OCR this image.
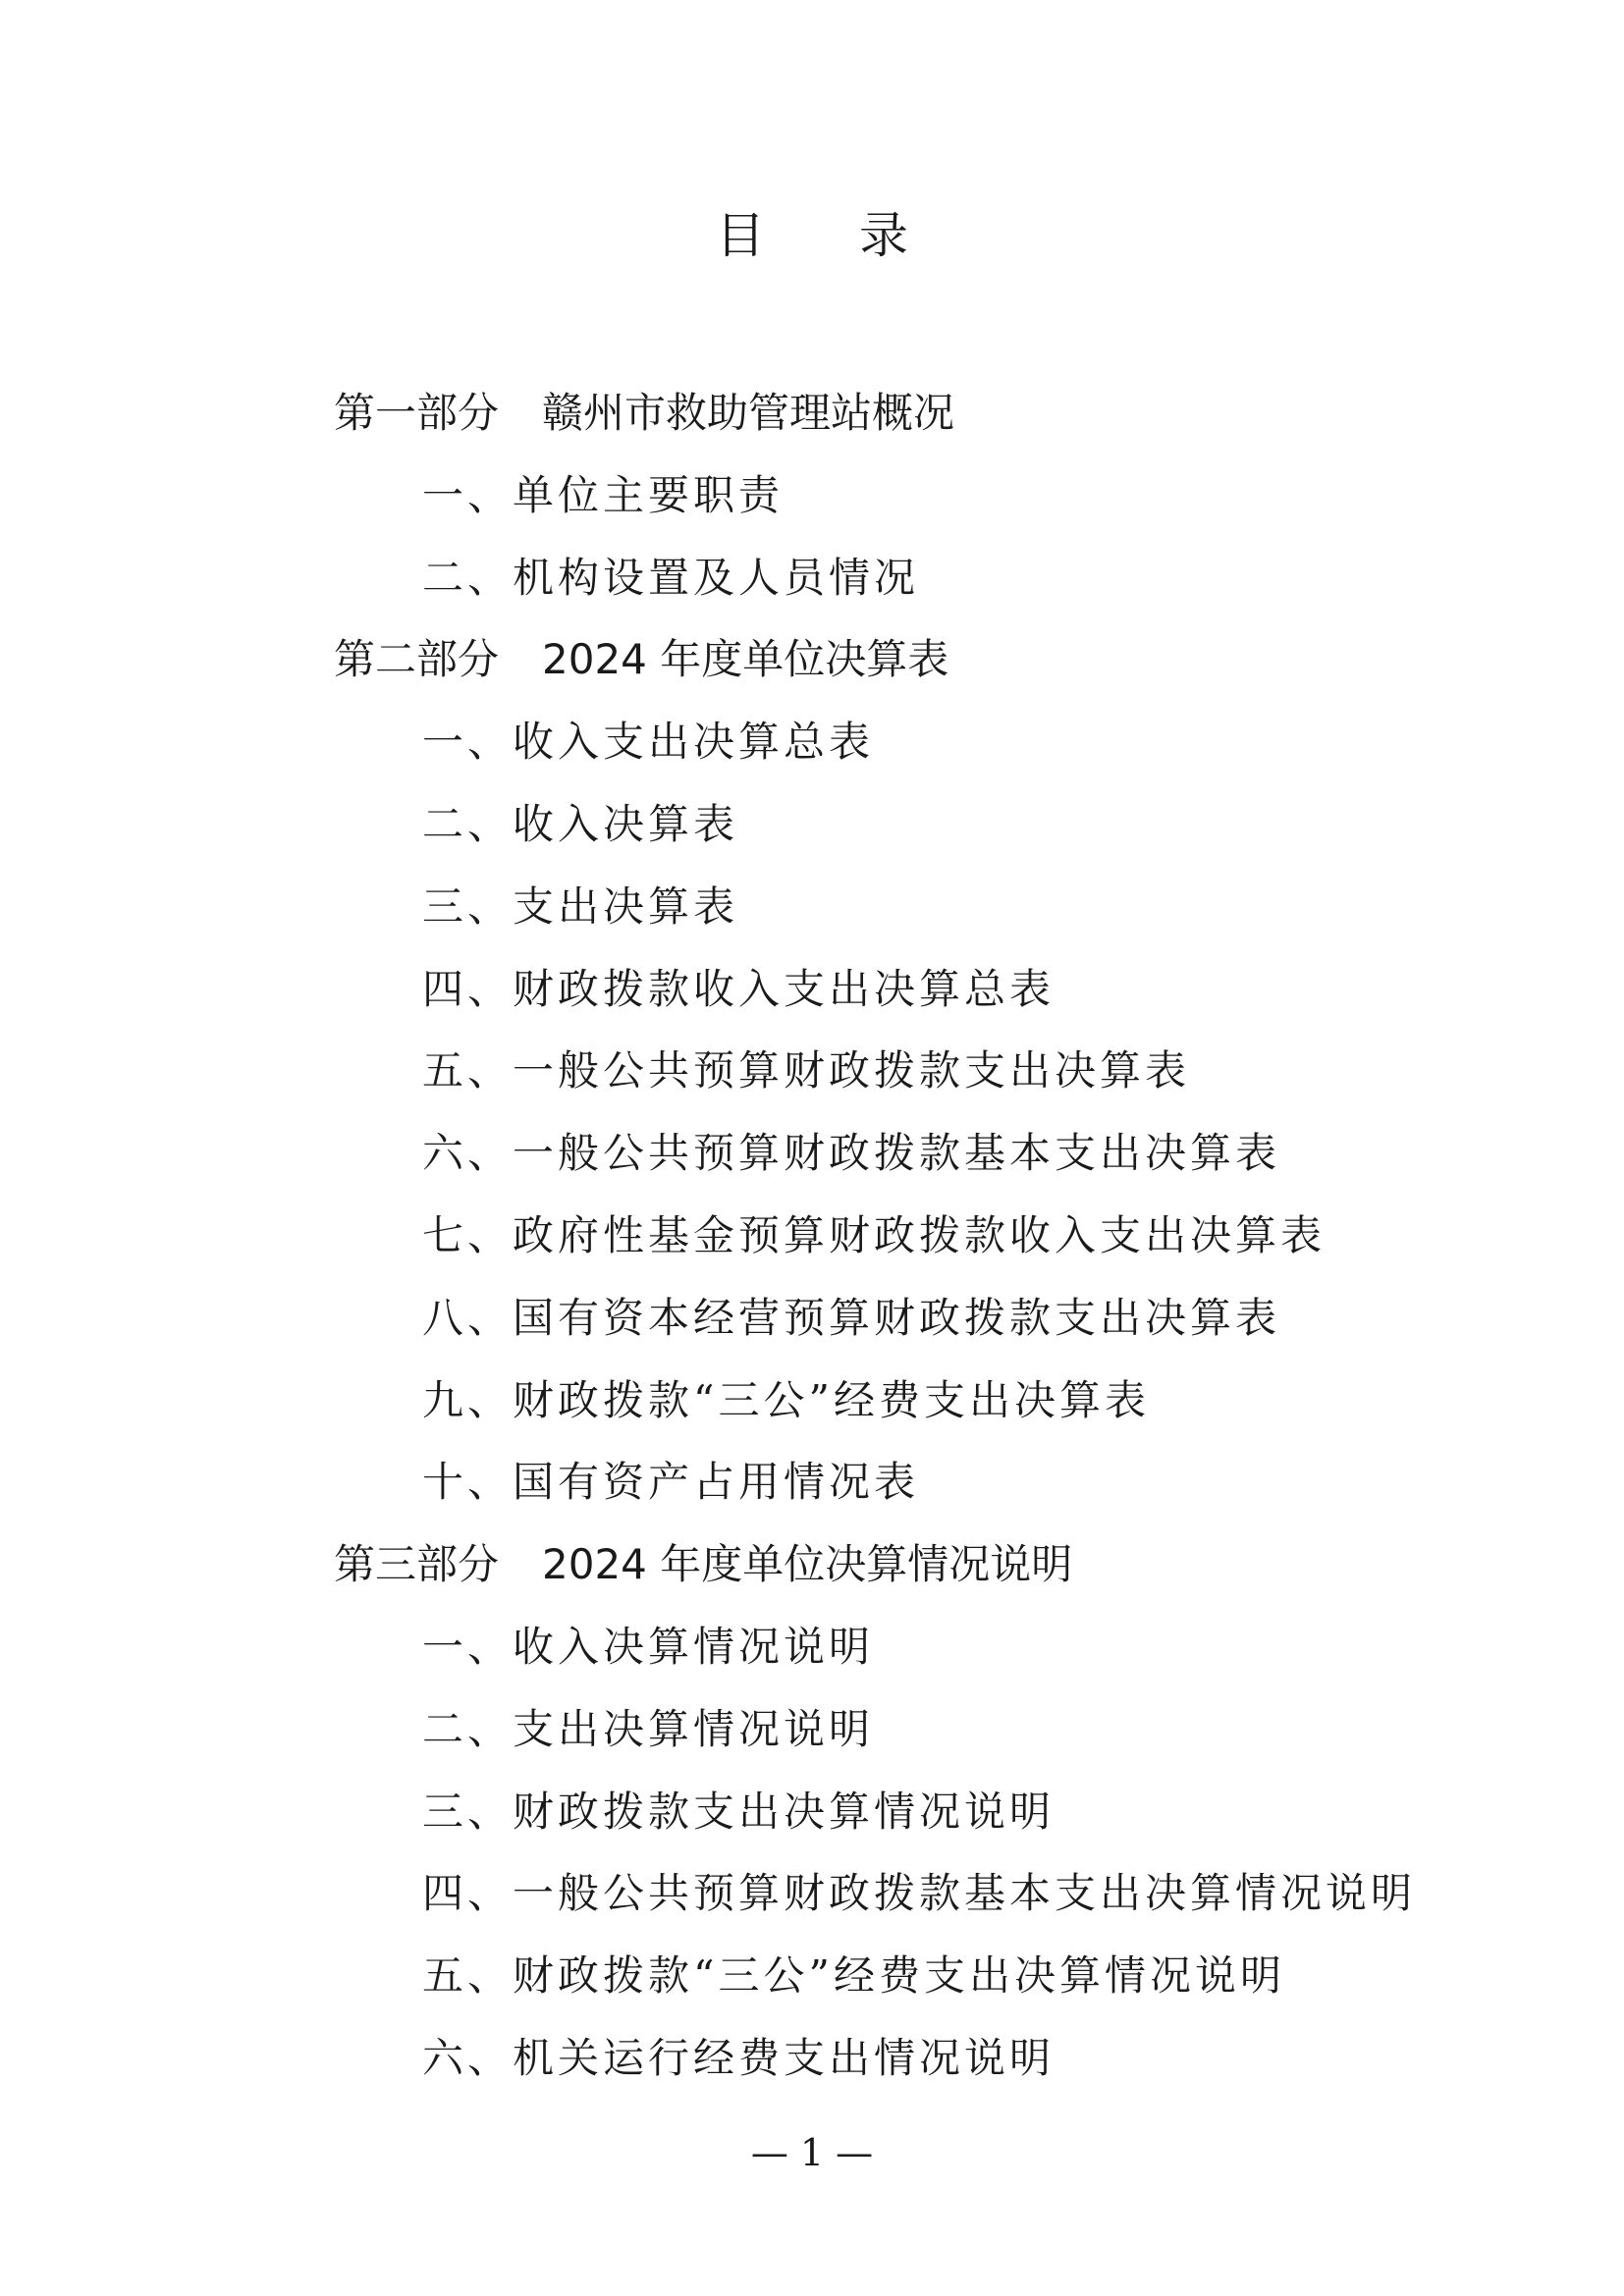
目录
第一部分 赣州市救助管理站概况
一、单位主要职责
二、机构设置及人员情况
第二部分 2024 年度单位决算表
一、收入支出决算总表
二、收入决算表
三、支出决算表
四、财政拨款收入支出决算总表
五、一般公共预算财政拨款支出决算表
六、一般公共预算财政拨款基本支出决算表
七、政府性基金预算财政拨款收入支出决算表
八、国有资本经营预算财政拨款支出决算表
九、财政拨款“三公”经费支出决算表
十、国有资产占用情况表
第三部分 2024 年度单位决算情况说明
一、收入决算情况说明
二、支出决算情况说明
三、财政拨款支出决算情况说明
四、一般公共预算财政拨款基本支出决算情况说明
五、财政拨款“三公”经费支出决算情况说明
六、机关运行经费支出情况说明
— 1 —
